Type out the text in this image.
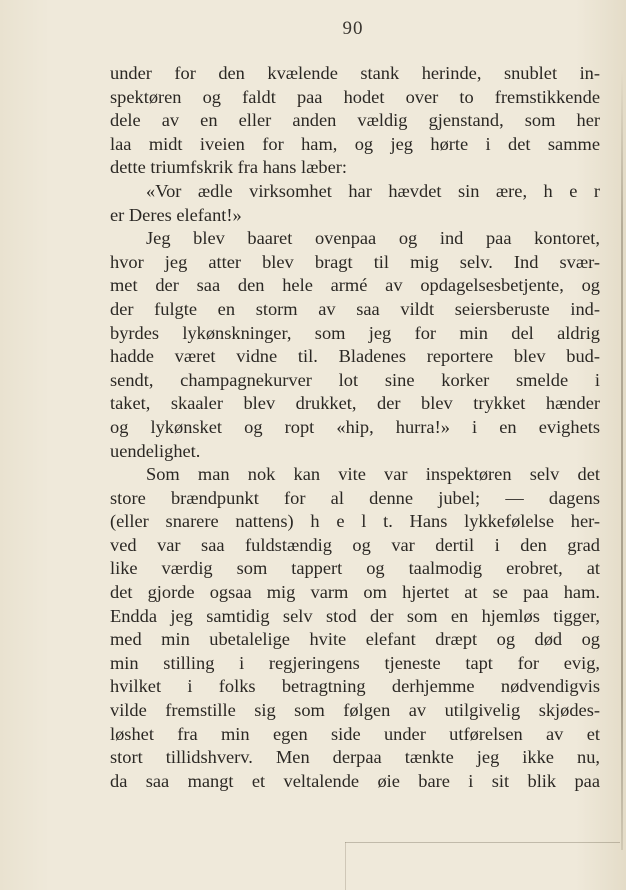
90
under for den kvælende stank herinde, snublet in-
spektøren og faldt paa hodet over to fremstikkende
dele av en eller anden vældig gjenstand, som her
laa midt iveien for ham, og jeg hørte i det samme
dette triumfskrik fra hans læber:
«Vor ædle virksomhet har hævdet sin ære, h e r
er Deres elefant!»
Jeg blev baaret ovenpaa og ind paa kontoret,
hvor jeg atter blev bragt til mig selv. Ind svær-
met der saa den hele armé av opdagelsesbetjente, og
der fulgte en storm av saa vildt seiersberuste ind-
byrdes lykønskninger, som jeg for min del aldrig
hadde været vidne til. Bladenes reportere blev bud-
sendt, champagnekurver lot sine korker smelde i
taket, skaaler blev drukket, der blev trykket hænder
og lykønsket og ropt «hip, hurra!» i en evighets
uendelighet.
Som man nok kan vite var inspektøren selv det
store brændpunkt for al denne jubel; — dagens
(eller snarere nattens) h e l t. Hans lykkefølelse her-
ved var saa fuldstændig og var dertil i den grad
like værdig som tappert og taalmodig erobret, at
det gjorde ogsaa mig varm om hjertet at se paa ham.
Endda jeg samtidig selv stod der som en hjemløs tigger,
med min ubetalelige hvite elefant dræpt og død og
min stilling i regjeringens tjeneste tapt for evig,
hvilket i folks betragtning derhjemme nødvendigvis
vilde fremstille sig som følgen av utilgivelig skjødes-
løshet fra min egen side under utførelsen av et
stort tillidshverv. Men derpaa tænkte jeg ikke nu,
da saa mangt et veltalende øie bare i sit blik paa
